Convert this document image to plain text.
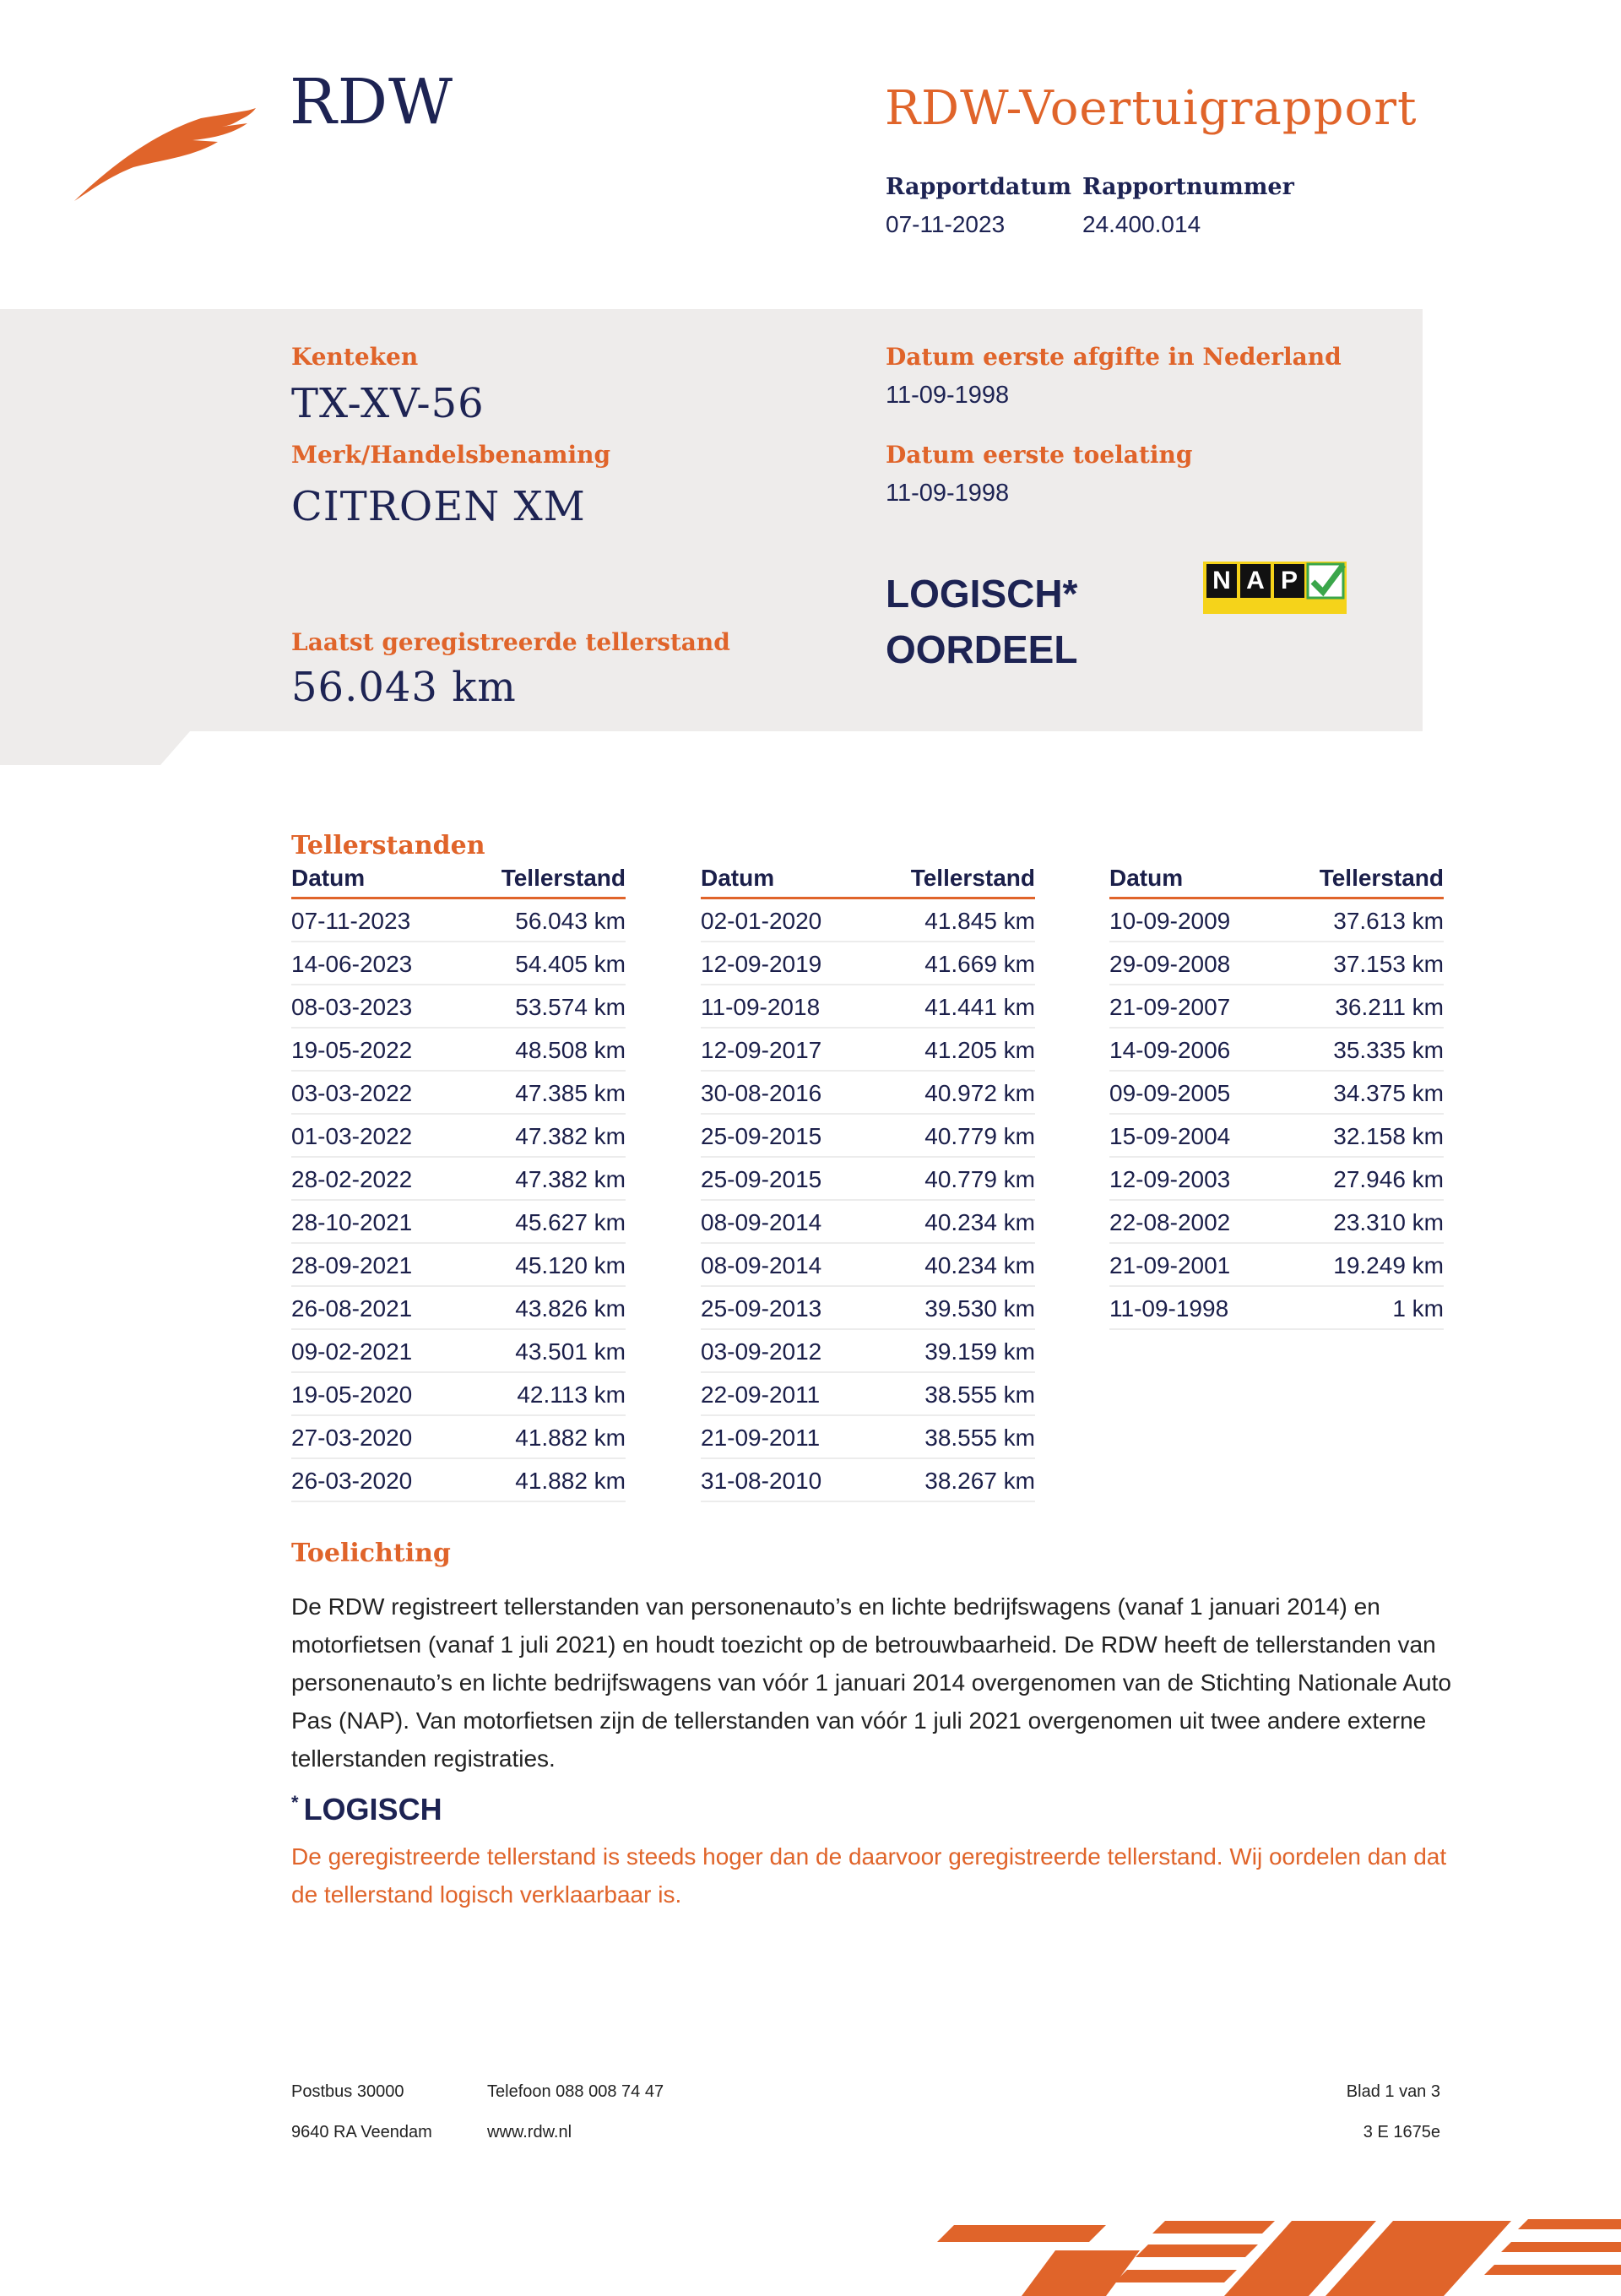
RDW	RDW-Voertuigrapport
Rapportdatum
07-11-2023
Rapportnummer
24.400.014
Kenteken
TX-XV-56
Merk/Handelsbenaming
CITROEN XM
Datum eerste afgifte in Nederland
11-09-1998
Datum eerste toelating
11-09-1998
LOGISCH*
OORDEEL
N A P
Laatst geregistreerde tellerstand
56.043 km
Tellerstanden
Datum	Tellerstand
07-11-2023	56.043 km
14-06-2023	54.405 km
08-03-2023	53.574 km
19-05-2022	48.508 km
03-03-2022	47.385 km
01-03-2022	47.382 km
28-02-2022	47.382 km
28-10-2021	45.627 km
28-09-2021	45.120 km
26-08-2021	43.826 km
09-02-2021	43.501 km
19-05-2020	42.113 km
27-03-2020	41.882 km
26-03-2020	41.882 km
Datum	Tellerstand
02-01-2020	41.845 km
12-09-2019	41.669 km
11-09-2018	41.441 km
12-09-2017	41.205 km
30-08-2016	40.972 km
25-09-2015	40.779 km
25-09-2015	40.779 km
08-09-2014	40.234 km
08-09-2014	40.234 km
25-09-2013	39.530 km
03-09-2012	39.159 km
22-09-2011	38.555 km
21-09-2011	38.555 km
31-08-2010	38.267 km
Datum	Tellerstand
10-09-2009	37.613 km
29-09-2008	37.153 km
21-09-2007	36.211 km
14-09-2006	35.335 km
09-09-2005	34.375 km
15-09-2004	32.158 km
12-09-2003	27.946 km
22-08-2002	23.310 km
21-09-2001	19.249 km
11-09-1998	1 km
Toelichting
De RDW registreert tellerstanden van personenauto’s en lichte bedrijfswagens (vanaf 1 januari 2014) en motorfietsen (vanaf 1 juli 2021) en houdt toezicht op de betrouwbaarheid. De RDW heeft de tellerstanden van personenauto’s en lichte bedrijfswagens van vóór 1 januari 2014 overgenomen van de Stichting Nationale Auto Pas (NAP). Van motorfietsen zijn de tellerstanden van vóór 1 juli 2021 overgenomen uit twee andere externe tellerstanden registraties.
* LOGISCH
De geregistreerde tellerstand is steeds hoger dan de daarvoor geregistreerde tellerstand. Wij oordelen dan dat de tellerstand logisch verklaarbaar is.
Postbus 30000
9640 RA Veendam
Telefoon 088 008 74 47
www.rdw.nl
Blad 1 van 3
3 E 1675e
